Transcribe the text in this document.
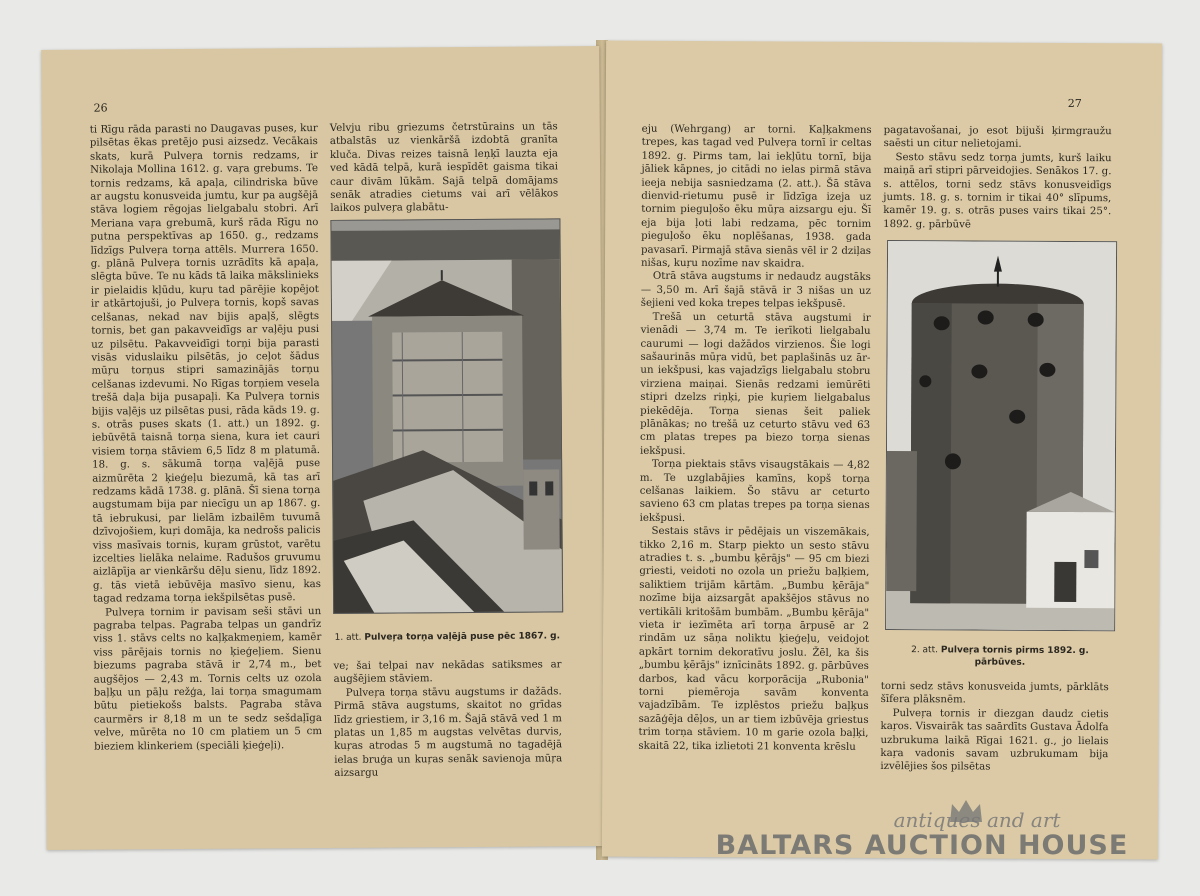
26

ti Rīgu rāda parasti no Daugavas puses, kur pilsētas ēkas pretējo pusi aizsedz. Vecākais skats, kurā Pulveŗa tornis redzams, ir Nikolaja Mollina 1612. g. vaŗa grebums. Te tornis redzams, kā apaļa, cilindriska būve ar augstu konusveida jumtu, kur pa augšējā stāva logiem rēgojas lielgabalu stobri. Arī Meriana vaŗa grebumā, kurš rāda Rīgu no putna perspektīvas ap 1650. g., redzams līdzīgs Pulveŗa torņa attēls. Murrera 1650. g. plānā Pulveŗa tornis uzrādīts kā apaļa, slēgta būve. Te nu kāds tā laika mākslinieks ir pielaidis kļūdu, kuŗu tad pārējie kopējot ir atkārtojuši, jo Pulveŗa tornis, kopš savas celšanas, nekad nav bijis apaļš, slēgts tornis, bet gan pakavveidīgs ar vaļēju pusi uz pilsētu. Pakavveidīgi torņi bija parasti visās viduslaiku pilsētās, jo ceļot šādus mūŗu torņus stipri samazinājās torņu celšanas izdevumi. No Rīgas torņiem vesela trešā daļa bija pusapaļi. Ka Pulveŗa tornis bijis vaļējs uz pilsētas pusi, rāda kāds 19. g. s. otrās puses skats (1. att.) un 1892. g. iebūvētā taisnā torņa siena, kura iet cauri visiem torņa stāviem 6,5 līdz 8 m platumā. 18. g. s. sākumā torņa vaļējā puse aizmūrēta 2 ķieģeļu biezumā, kā tas arī redzams kādā 1738. g. plānā. Šī siena torņa augstumam bija par niecīgu un ap 1867. g. tā iebrukusi, par lielām izbailēm tuvumā dzīvojošiem, kuŗi domāja, ka nedrošs palicis viss masīvais tornis, kuŗam grūstot, varētu izcelties lielāka nelaime. Radušos gruvumu aizlāpīja ar vienkāršu dēļu sienu, līdz 1892. g. tās vietā iebūvēja masīvo sienu, kas tagad redzama torņa iekšpilsētas pusē.

Pulveŗa tornim ir pavisam seši stāvi un pagraba telpas. Pagraba telpas un gandrīz viss 1. stāvs celts no kaļķakmeņiem, kamēr viss pārējais tornis no ķieģeļiem. Sienu biezums pagraba stāvā ir 2,74 m., bet augšējos — 2,43 m. Tornis celts uz ozola baļķu un pāļu režģa, lai torņa smagumam būtu pietiekošs balsts. Pagraba stāva caurmērs ir 8,18 m un te sedz sešdaļīga velve, mūrēta no 10 cm platiem un 5 cm bieziem klinkeriem (speciāli ķieģeļi).

Velvju ribu griezums četrstūrains un tās atbalstās uz vienkāršā izdobtā granīta kluča. Divas reizes taisnā leņķī lauzta eja ved kādā telpā, kurā iespīdēt gaisma tikai caur divām lūkām. Sajā telpā domājams senāk atradies cietums vai arī vēlākos laikos pulveŗa glabātu-

1. att. Pulveŗa torņa vaļējā puse pēc 1867. g.

ve; šai telpai nav nekādas satiksmes ar augšējiem stāviem.

Pulveŗa torņa stāvu augstums ir dažāds. Pirmā stāva augstums, skaitot no grīdas līdz griestiem, ir 3,16 m. Šajā stāvā ved 1 m platas un 1,85 m augstas velvētas durvis, kuŗas atrodas 5 m augstumā no tagadējā ielas bruģa un kuŗas senāk savienoja mūŗa aizsargu

27

eju (Wehrgang) ar torni. Kaļķakmens trepes, kas tagad ved Pulveŗa tornī ir celtas 1892. g. Pirms tam, lai iekļūtu tornī, bija jāliek kāpnes, jo citādi no ielas pirmā stāva ieeja nebija sasniedzama (2. att.). Šā stāva dienvid-rietumu pusē ir līdzīga izeja uz tornim pieguļošo ēku mūŗa aizsargu eju. Šī eja bija ļoti labi redzama, pēc tornim pieguļošo ēku noplēšanas, 1938. gada pavasarī. Pirmajā stāva sienās vēl ir 2 dziļas nišas, kuŗu nozīme nav skaidra.

Otrā stāva augstums ir nedaudz augstāks — 3,50 m. Arī šajā stāvā ir 3 nišas un uz šejieni ved koka trepes telpas iekšpusē.

Trešā un ceturtā stāva augstumi ir vienādi — 3,74 m. Te ierīkoti lielgabalu caurumi — logi dažādos virzienos. Šie logi sašaurinās mūŗa vidū, bet paplašinās uz ār- un iekšpusi, kas vajadzīgs lielgabalu stobru virziena maiņai. Sienās redzami iemūrēti stipri dzelzs riņķi, pie kuŗiem lielgabalus piekēdēja. Torņa sienas šeit paliek plānākas; no trešā uz ceturto stāvu ved 63 cm platas trepes pa biezo torņa sienas iekšpusi.

Torņa piektais stāvs visaugstākais — 4,82 m. Te uzglabājies kamīns, kopš torņa celšanas laikiem. Šo stāvu ar ceturto savieno 63 cm platas trepes pa torņa sienas iekšpusi.

Sestais stāvs ir pēdējais un viszemākais, tikko 2,16 m. Starp piekto un sesto stāvu atradies t. s. „bumbu ķērājs" — 95 cm biezi griesti, veidoti no ozola un priežu baļķiem, saliktiem trijām kārtām. „Bumbu ķērāja" nozīme bija aizsargāt apakšējos stāvus no vertikāli kritošām bumbām. „Bumbu ķērāja" vieta ir iezīmēta arī torņa ārpusē ar 2 rindām uz sāņa noliktu ķieģeļu, veidojot apkārt tornim dekoratīvu joslu. Žēl, ka šis „bumbu ķērājs" iznīcināts 1892. g. pārbūves darbos, kad vācu korporācija „Rubonia" torni piemēroja savām konventa vajadzībām. Te izplēstos priežu baļķus sazāģēja dēļos, un ar tiem izbūvēja griestus trim torņa stāviem. 10 m garie ozola baļķi, skaitā 22, tika izlietoti 21 konventa krēslu

pagatavošanai, jo esot bijuši ķirmgraužu saēsti un citur nelietojami.

Sesto stāvu sedz torņa jumts, kurš laiku maiņā arī stipri pārveidojies. Senākos 17. g. s. attēlos, torni sedz stāvs konusveidīgs jumts. 18. g. s. tornim ir tikai 40° slīpums, kamēr 19. g. s. otrās puses vairs tikai 25°. 1892. g. pārbūvē

2. att. Pulveŗa tornis pirms 1892. g. pārbūves.

torni sedz stāvs konusveida jumts, pārklāts šīfera plāksnēm.

Pulveŗa tornis ir diezgan daudz cietis kaŗos. Visvairāk tas saārdīts Gustava Ādolfa uzbrukuma laikā Rīgai 1621. g., jo lielais kaŗa vadonis savam uzbrukumam bija izvēlējies šos pilsētas

antiques and art
BALTARS AUCTION HOUSE
